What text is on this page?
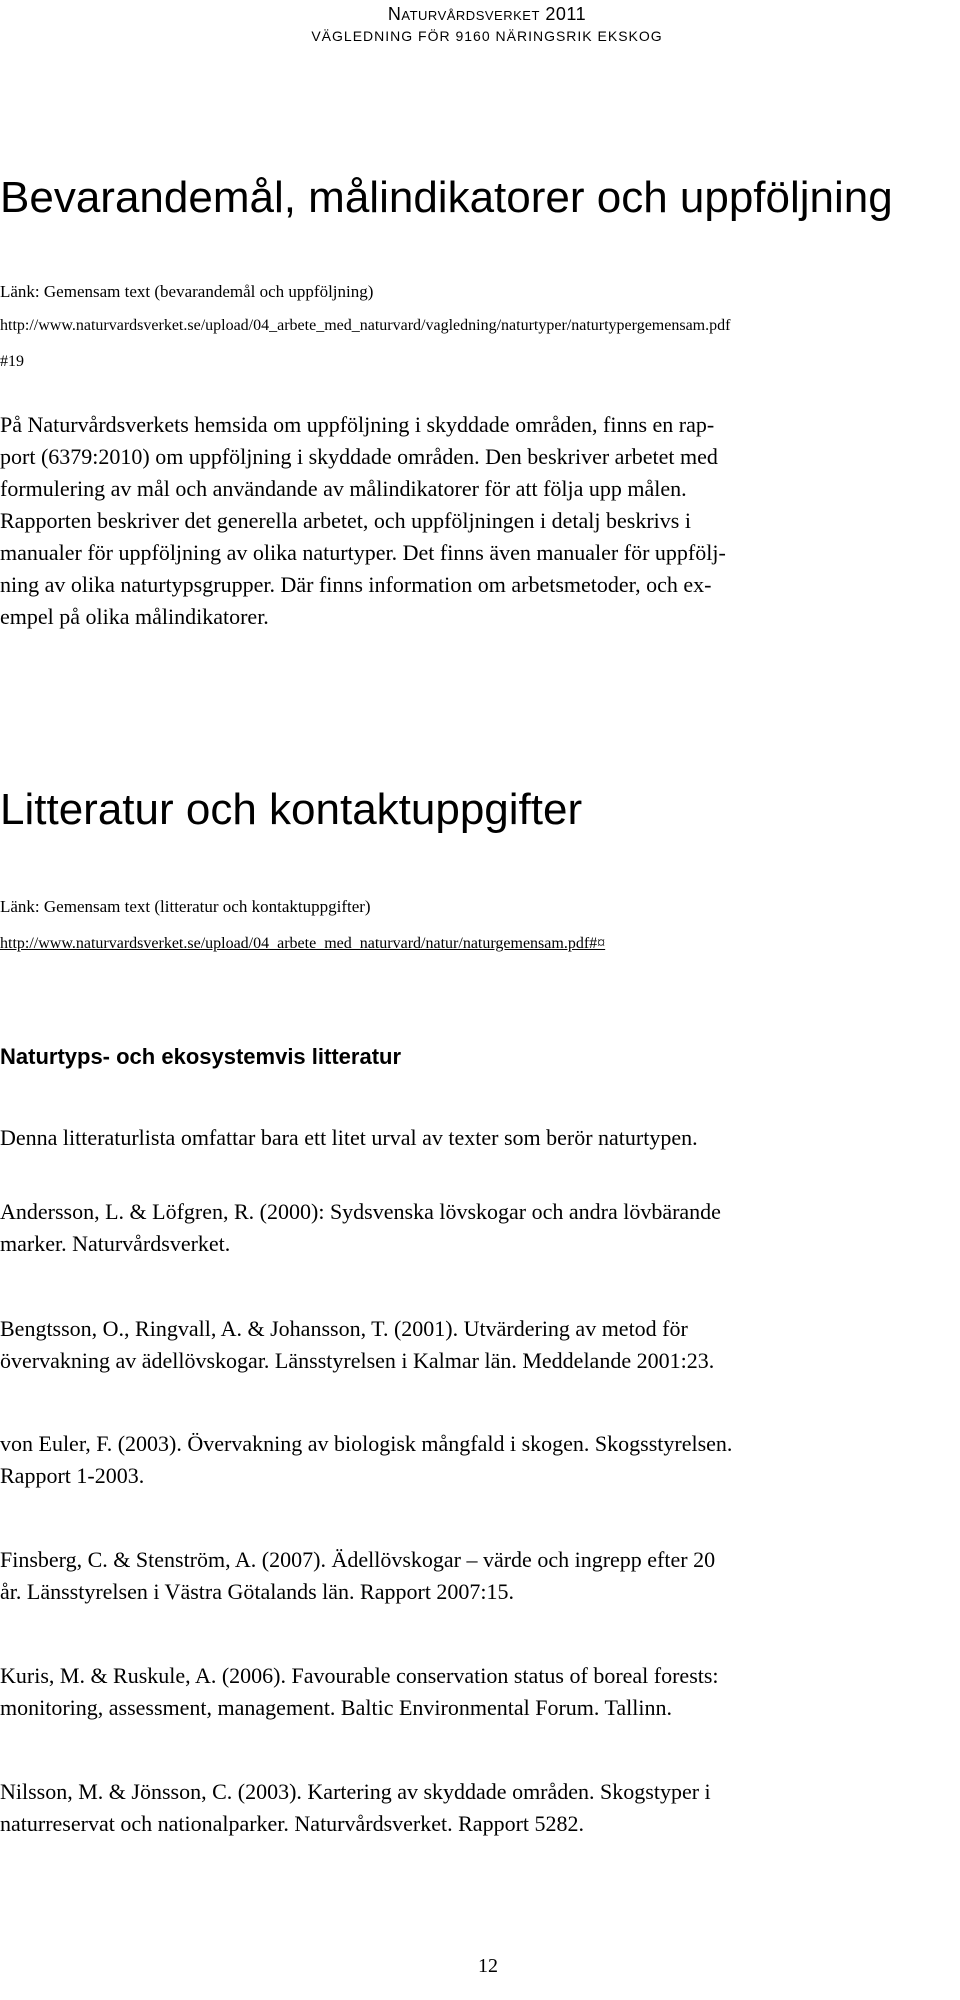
Naturvårdsverket 2011
VÄGLEDNING FÖR 9160 NÄRINGSRIK EKSKOG
Bevarandemål, målindikatorer och uppföljning
Länk: Gemensam text (bevarandemål och uppföljning)
http://www.naturvardsverket.se/upload/04_arbete_med_naturvard/vagledning/naturtyper/naturtypergemensam.pdf
#19
På Naturvårdsverkets hemsida om uppföljning i skyddade områden, finns en rap-
port (6379:2010) om uppföljning i skyddade områden. Den beskriver arbetet med
formulering av mål och användande av målindikatorer för att följa upp målen.
Rapporten beskriver det generella arbetet, och uppföljningen i detalj beskrivs i
manualer för uppföljning av olika naturtyper. Det finns även manualer för uppfölj-
ning av olika naturtypsgrupper. Där finns information om arbetsmetoder, och ex-
empel på olika målindikatorer.
Litteratur och kontaktuppgifter
Länk: Gemensam text (litteratur och kontaktuppgifter)
http://www.naturvardsverket.se/upload/04_arbete_med_naturvard/natur/naturgemensam.pdf#¤
Naturtyps- och ekosystemvis litteratur
Denna litteraturlista omfattar bara ett litet urval av texter som berör naturtypen.
Andersson, L. & Löfgren, R. (2000): Sydsvenska lövskogar och andra lövbärande
marker. Naturvårdsverket.
Bengtsson, O., Ringvall, A. & Johansson, T. (2001). Utvärdering av metod för
övervakning av ädellövskogar. Länsstyrelsen i Kalmar län. Meddelande 2001:23.
von Euler, F. (2003). Övervakning av biologisk mångfald i skogen. Skogsstyrelsen.
Rapport 1-2003.
Finsberg, C. & Stenström, A. (2007). Ädellövskogar – värde och ingrepp efter 20
år. Länsstyrelsen i Västra Götalands län. Rapport 2007:15.
Kuris, M. & Ruskule, A. (2006). Favourable conservation status of boreal forests:
monitoring, assessment, management. Baltic Environmental Forum. Tallinn.
Nilsson, M. & Jönsson, C. (2003). Kartering av skyddade områden. Skogstyper i
naturreservat och nationalparker. Naturvårdsverket. Rapport 5282.
12
